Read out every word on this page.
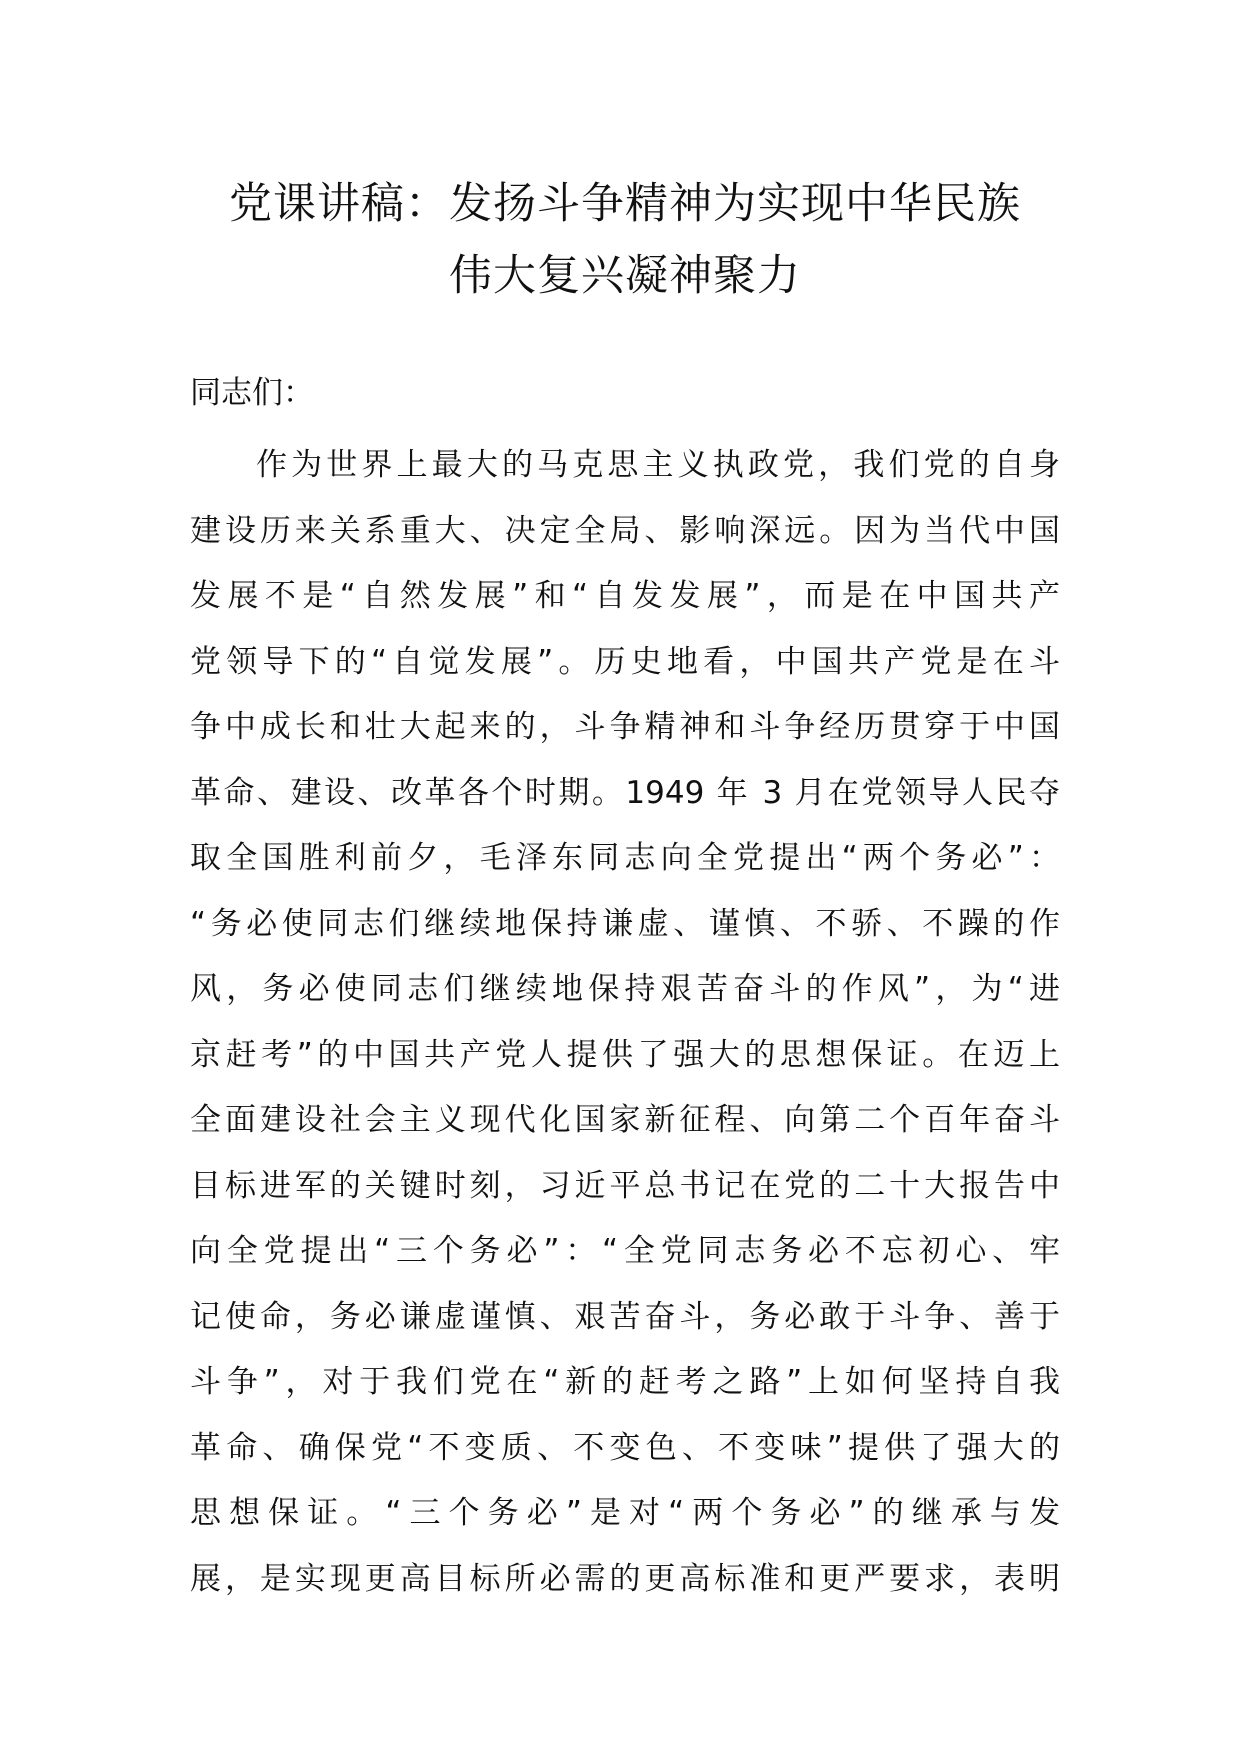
党课讲稿：发扬斗争精神为实现中华民族
伟大复兴凝神聚力
同志们：
作为世界上最大的马克思主义执政党，我们党的自身
建设历来关系重大、决定全局、影响深远。因为当代中国
发展不是“自然发展”和“自发发展”，而是在中国共产
党领导下的“自觉发展”。历史地看，中国共产党是在斗
争中成长和壮大起来的，斗争精神和斗争经历贯穿于中国
革命、建设、改革各个时期。1949 年 3 月在党领导人民夺
取全国胜利前夕，毛泽东同志向全党提出“两个务必”：
“务必使同志们继续地保持谦虚、谨慎、不骄、不躁的作
风，务必使同志们继续地保持艰苦奋斗的作风”，为“进
京赶考”的中国共产党人提供了强大的思想保证。在迈上
全面建设社会主义现代化国家新征程、向第二个百年奋斗
目标进军的关键时刻，习近平总书记在党的二十大报告中
向全党提出“三个务必”：“全党同志务必不忘初心、牢
记使命，务必谦虚谨慎、艰苦奋斗，务必敢于斗争、善于
斗争”，对于我们党在“新的赶考之路”上如何坚持自我
革命、确保党“不变质、不变色、不变味”提供了强大的
思想保证。“三个务必”是对“两个务必”的继承与发
展，是实现更高目标所必需的更高标准和更严要求，表明
